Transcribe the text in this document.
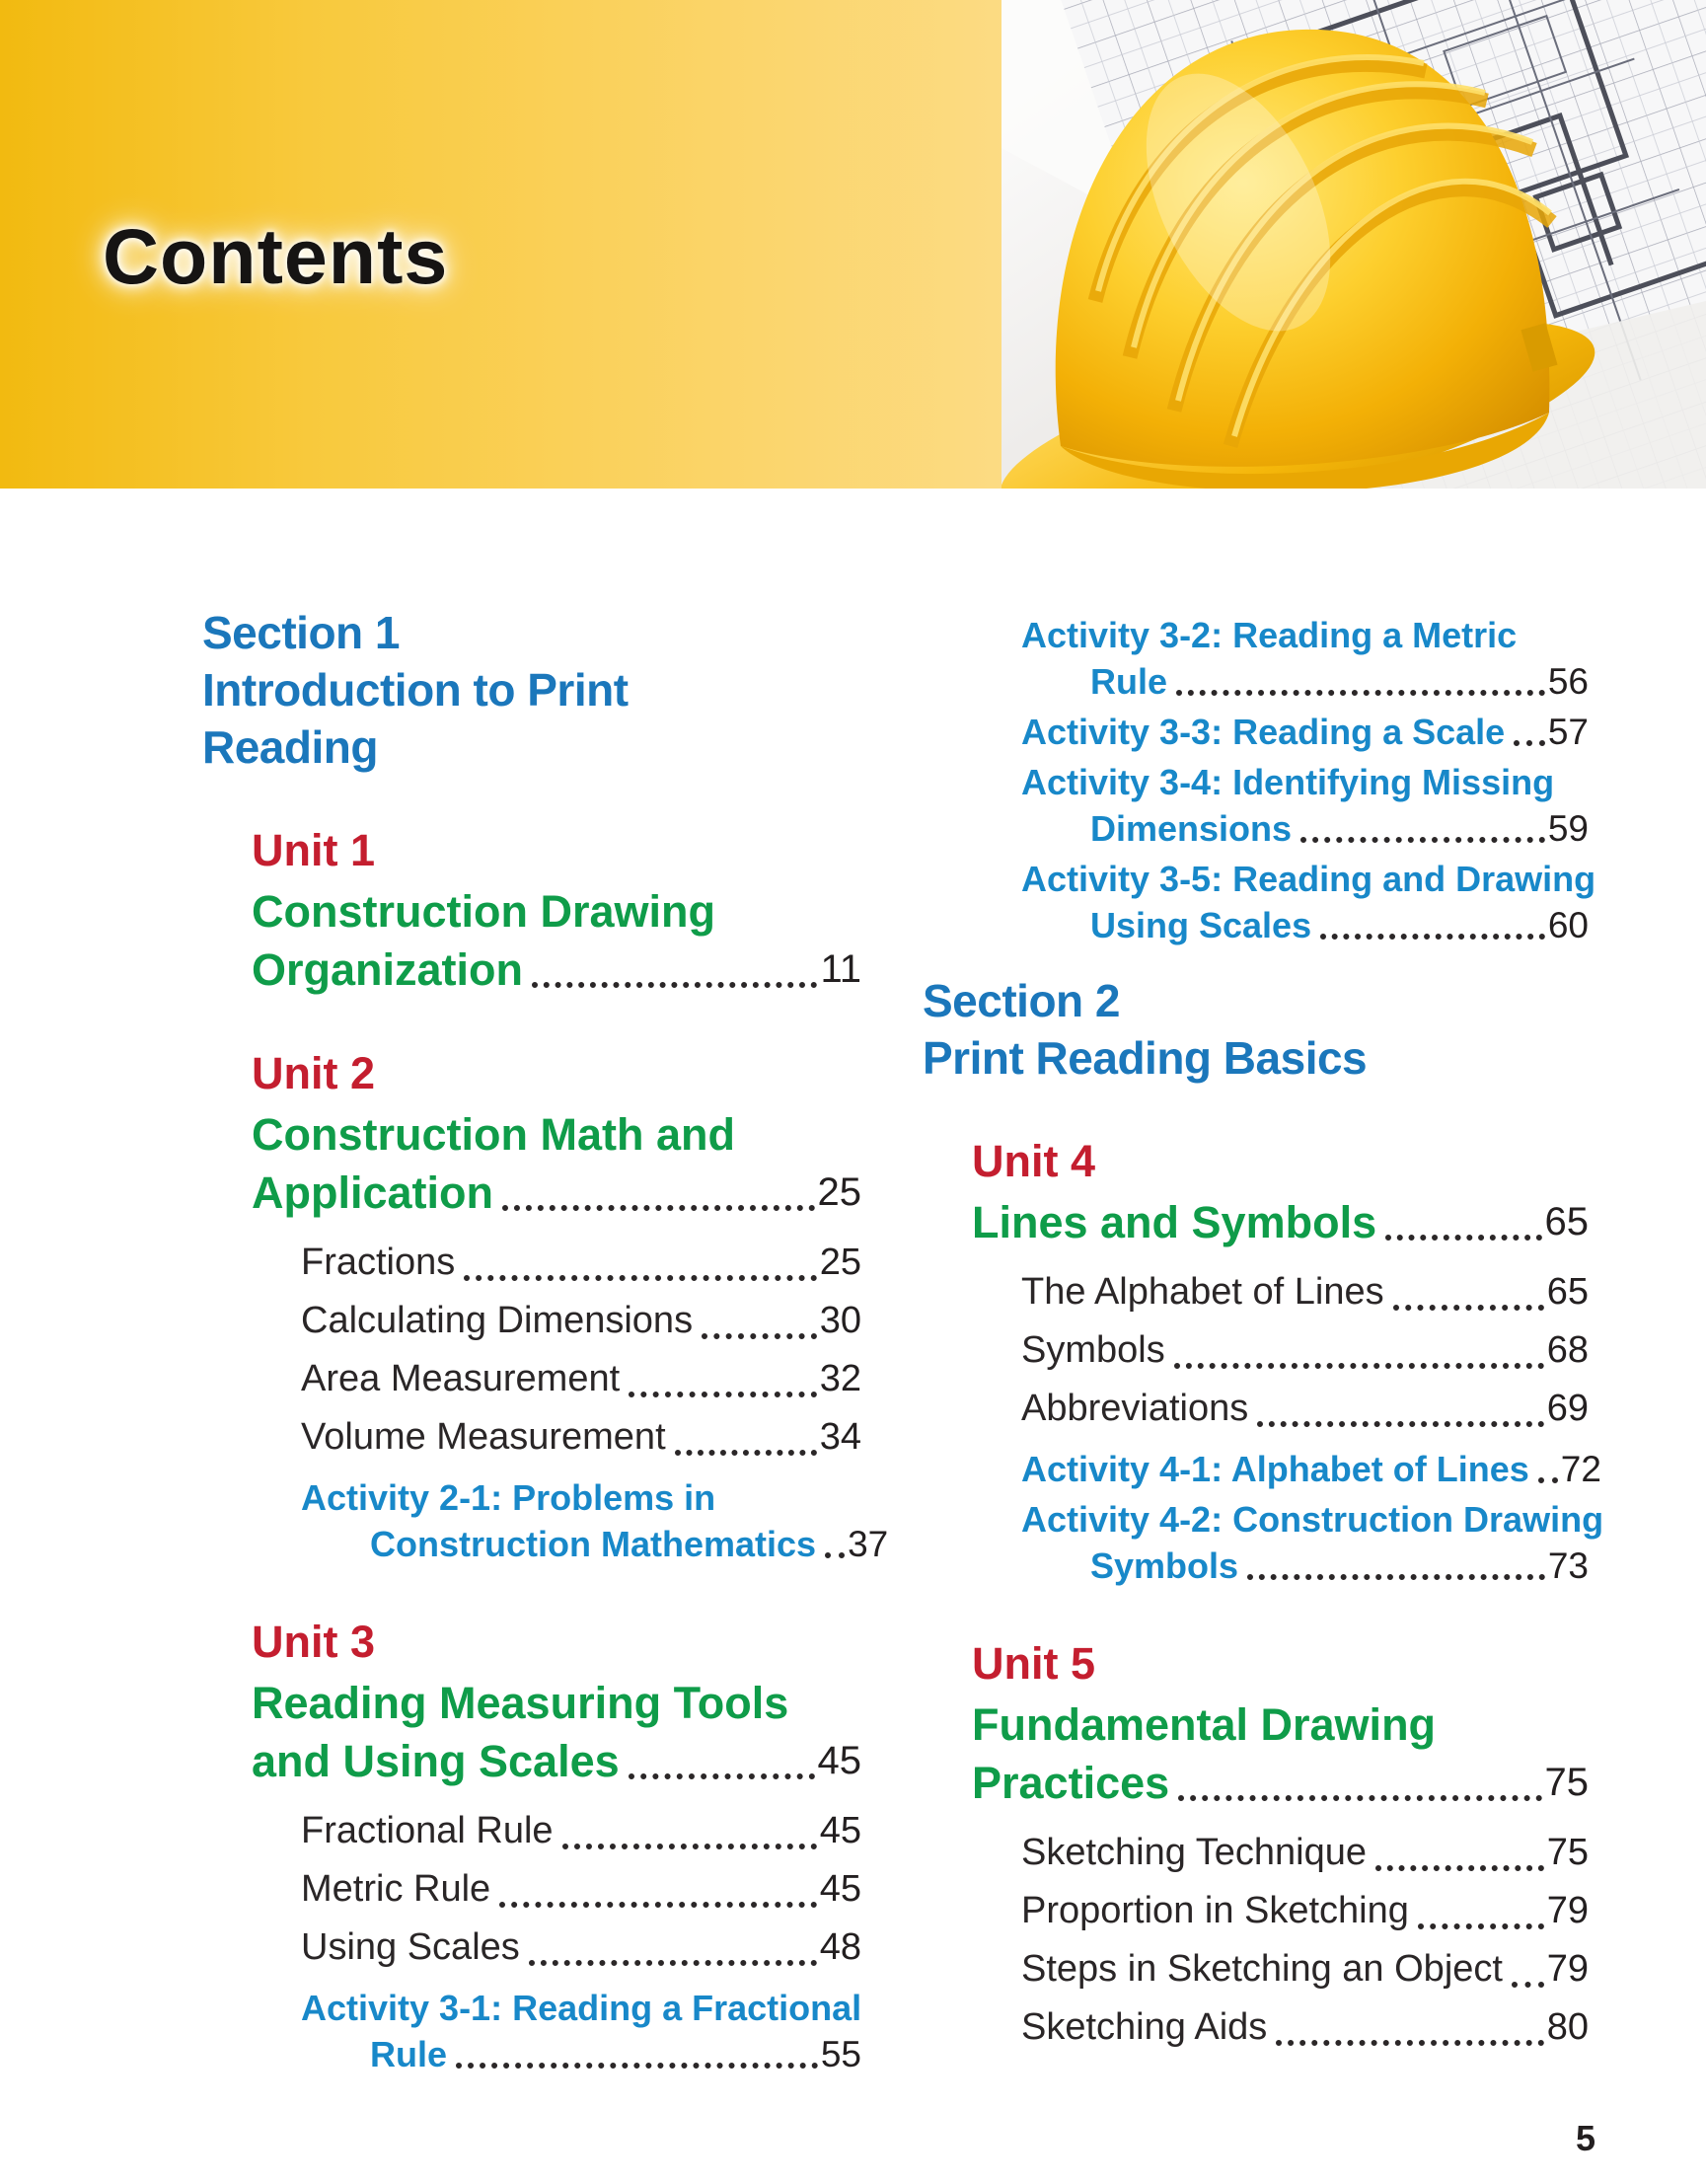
Contents
Section 1
Introduction to Print
Reading
Unit 1
Construction Drawing
Organization	11
Unit 2
Construction Math and
Application	25
Fractions	25
Calculating Dimensions	30
Area Measurement	32
Volume Measurement	34
Activity 2-1: Problems in
Construction Mathematics 37
Unit 3
Reading Measuring Tools
and Using Scales	45
Fractional Rule	45
Metric Rule	45
Using Scales	48
Activity 3-1: Reading a Fractional
Rule	55
Activity 3-2: Reading a Metric
Rule	56
Activity 3-3: Reading a Scale 57
Activity 3-4: Identifying Missing
Dimensions	59
Activity 3-5: Reading and Drawing
Using Scales	60
Section 2
Print Reading Basics
Unit 4
Lines and Symbols	65
The Alphabet of Lines	65
Symbols	68
Abbreviations	69
Activity 4-1: Alphabet of Lines 72
Activity 4-2: Construction Drawing
Symbols	73
Unit 5
Fundamental Drawing
Practices	75
Sketching Technique	75
Proportion in Sketching	79
Steps in Sketching an Object 79
Sketching Aids	80
5
